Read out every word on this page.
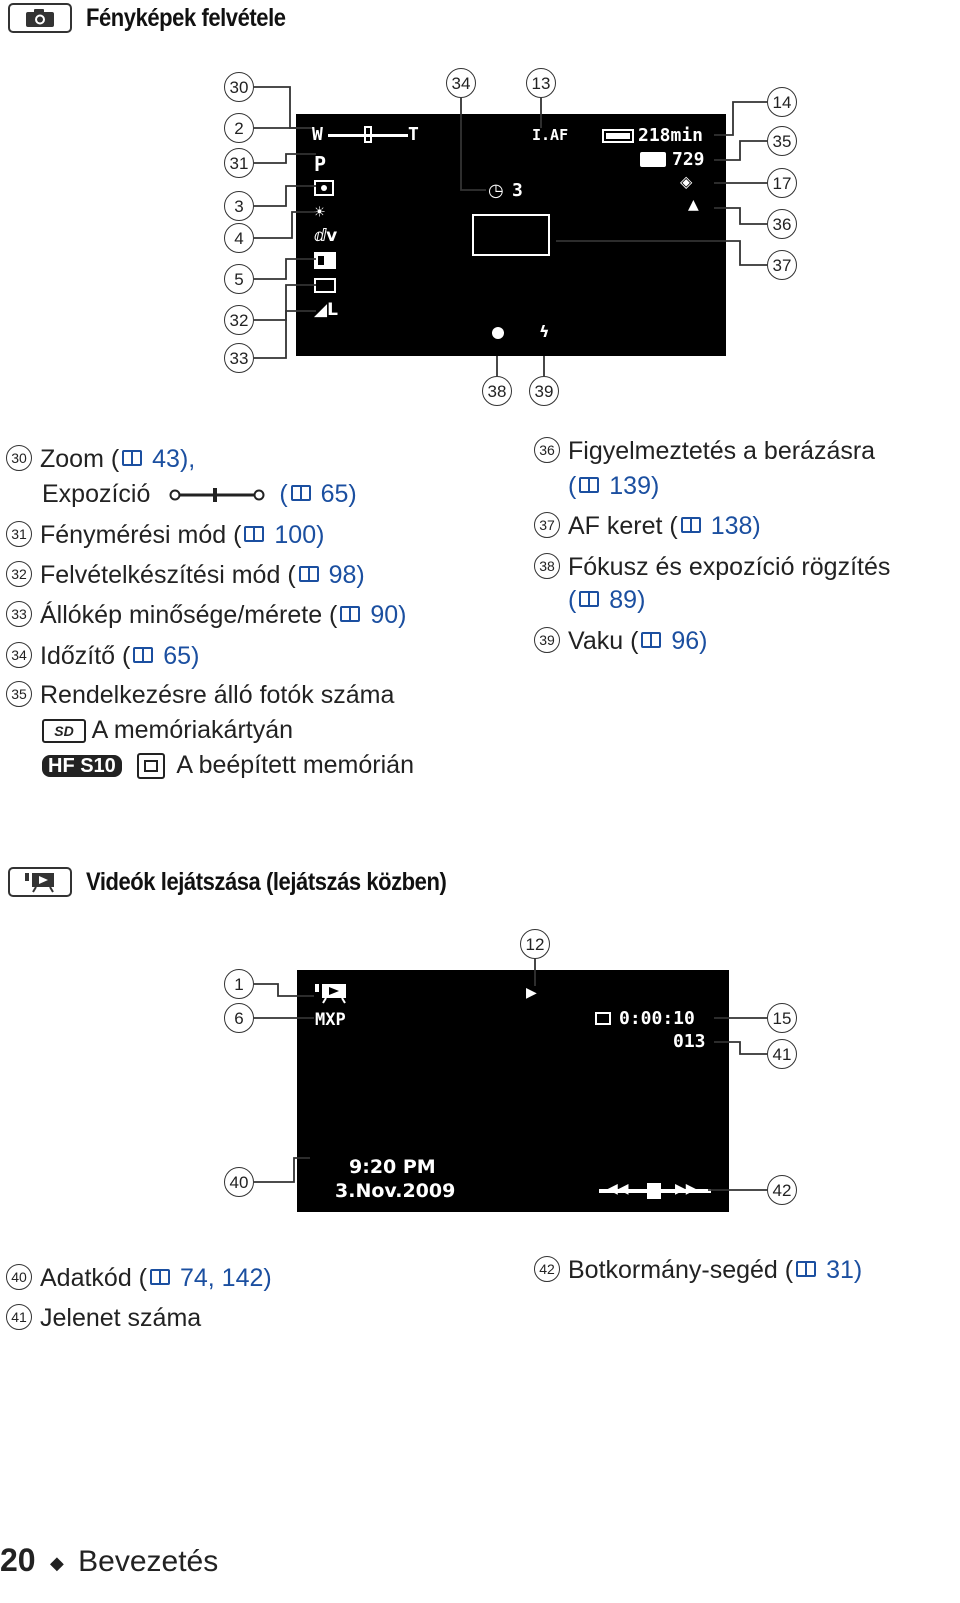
Fényképek felvétele
W	T
P
☀
ⅆv
◢L
◷ 3
I.AF	218min
729
◈
▲
ϟ
30
2
31
3
4
5
32
33
34	13
14
35
17
36
37
38	39
30 Zoom ( 43),
Expozíció	( 65)
31 Fénymérési mód ( 100)
32 Felvételkészítési mód ( 98)
33 Állókép minősége/mérete ( 90)
34 Időzítő ( 65)
35 Rendelkezésre álló fotók száma
SD A memóriakártyán
HF S10 A beépített memórián
36 Figyelmeztetés a berázásra
( 139)
37 AF keret ( 138)
38 Fókusz és expozíció rögzítés
( 89)
39 Vaku ( 96)
Videók lejátszása (lejátszás közben)
MXP
▶
0:00:10
013
9:20 PM
3.Nov.2009	◀◀	▶▶
1
6
40
12
15
41
42
40 Adatkód ( 74, 142)
41 Jelenet száma
42 Botkormány-segéd ( 31)
20 ◆ Bevezetés
